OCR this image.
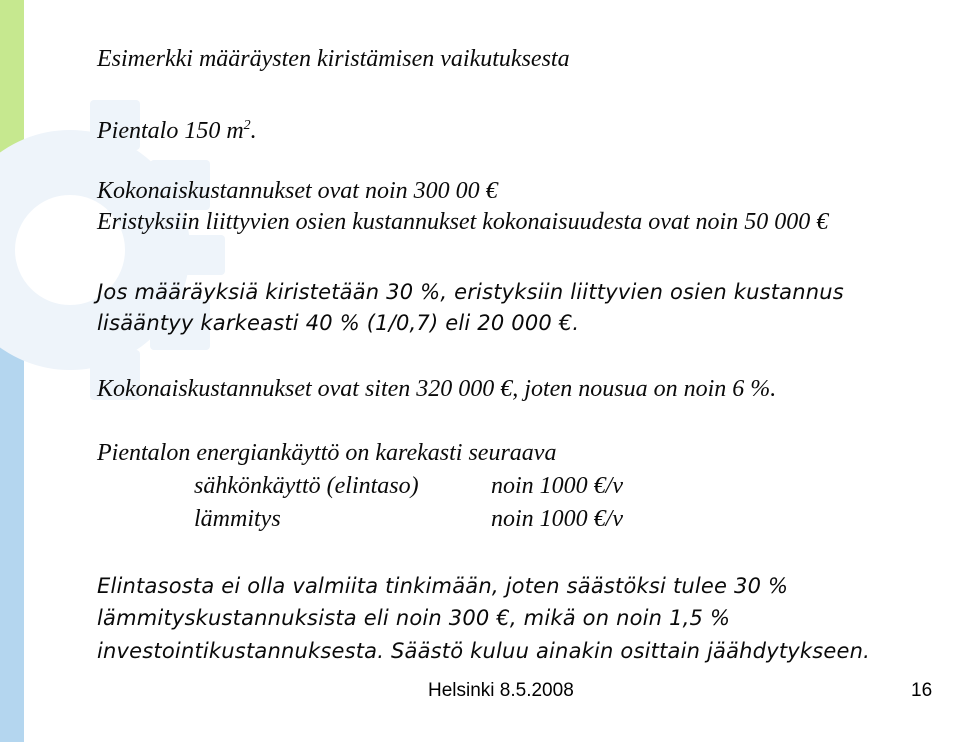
Esimerkki määräysten kiristämisen vaikutuksesta
Pientalo 150 $m^2$.
Kokonaiskustannukset ovat noin 300 00 €
Eristyksiin liittyvien osien kustannukset kokonaisuudesta ovat noin 50 000 €
Jos määräyksiä kiristetään 30 %, eristyksiin liittyvien osien kustannus
lisääntyy karkeasti 40 % (1/0,7) eli 20 000 €.
Kokonaiskustannukset ovat siten 320 000 €, joten nousua on noin 6 %.
Pientalon energiankäyttö on karekasti seuraava
sähkönkäyttö (elintaso)	noin 1000 €/v
lämmitys	noin 1000 €/v
Elintasosta ei olla valmiita tinkimään, joten säästöksi tulee 30 %
lämmityskustannuksista eli noin 300 €, mikä on noin 1,5 %
investointikustannuksesta. Säästö kuluu ainakin osittain jäähdytykseen.
Helsinki 8.5.2008	16
